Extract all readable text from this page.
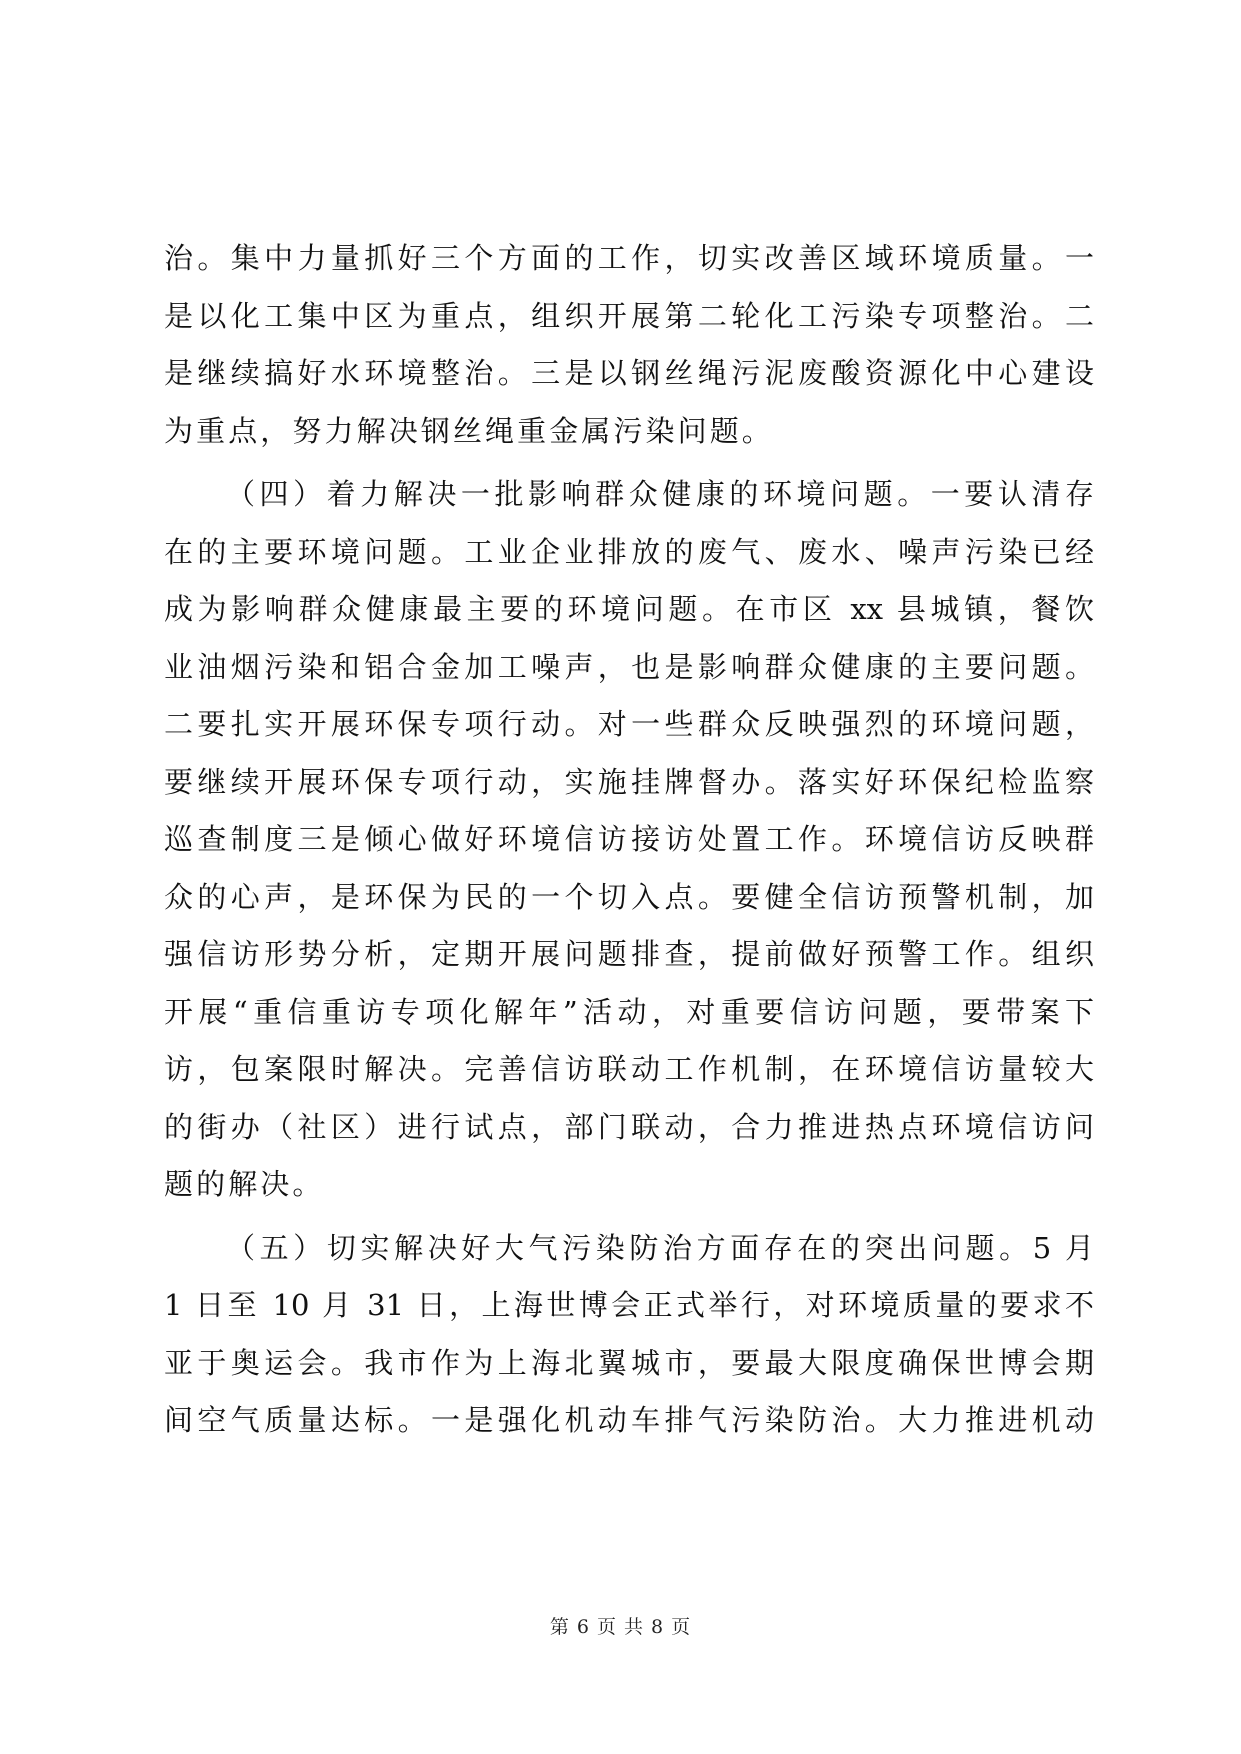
治。集中力量抓好三个方面的工作，切实改善区域环境质量。一
是以化工集中区为重点，组织开展第二轮化工污染专项整治。二
是继续搞好水环境整治。三是以钢丝绳污泥废酸资源化中心建设
为重点，努力解决钢丝绳重金属污染问题。
（四）着力解决一批影响群众健康的环境问题。一要认清存
在的主要环境问题。工业企业排放的废气、废水、噪声污染已经
成为影响群众健康最主要的环境问题。在市区 xx 县城镇，餐饮
业油烟污染和铝合金加工噪声，也是影响群众健康的主要问题。
二要扎实开展环保专项行动。对一些群众反映强烈的环境问题，
要继续开展环保专项行动，实施挂牌督办。落实好环保纪检监察
巡查制度三是倾心做好环境信访接访处置工作。环境信访反映群
众的心声，是环保为民的一个切入点。要健全信访预警机制，加
强信访形势分析，定期开展问题排查，提前做好预警工作。组织
开展“重信重访专项化解年”活动，对重要信访问题，要带案下
访，包案限时解决。完善信访联动工作机制，在环境信访量较大
的街办（社区）进行试点，部门联动，合力推进热点环境信访问
题的解决。
（五）切实解决好大气污染防治方面存在的突出问题。5 月
1 日至 10 月 31 日，上海世博会正式举行，对环境质量的要求不
亚于奥运会。我市作为上海北翼城市，要最大限度确保世博会期
间空气质量达标。一是强化机动车排气污染防治。大力推进机动
第 6 页 共 8 页
